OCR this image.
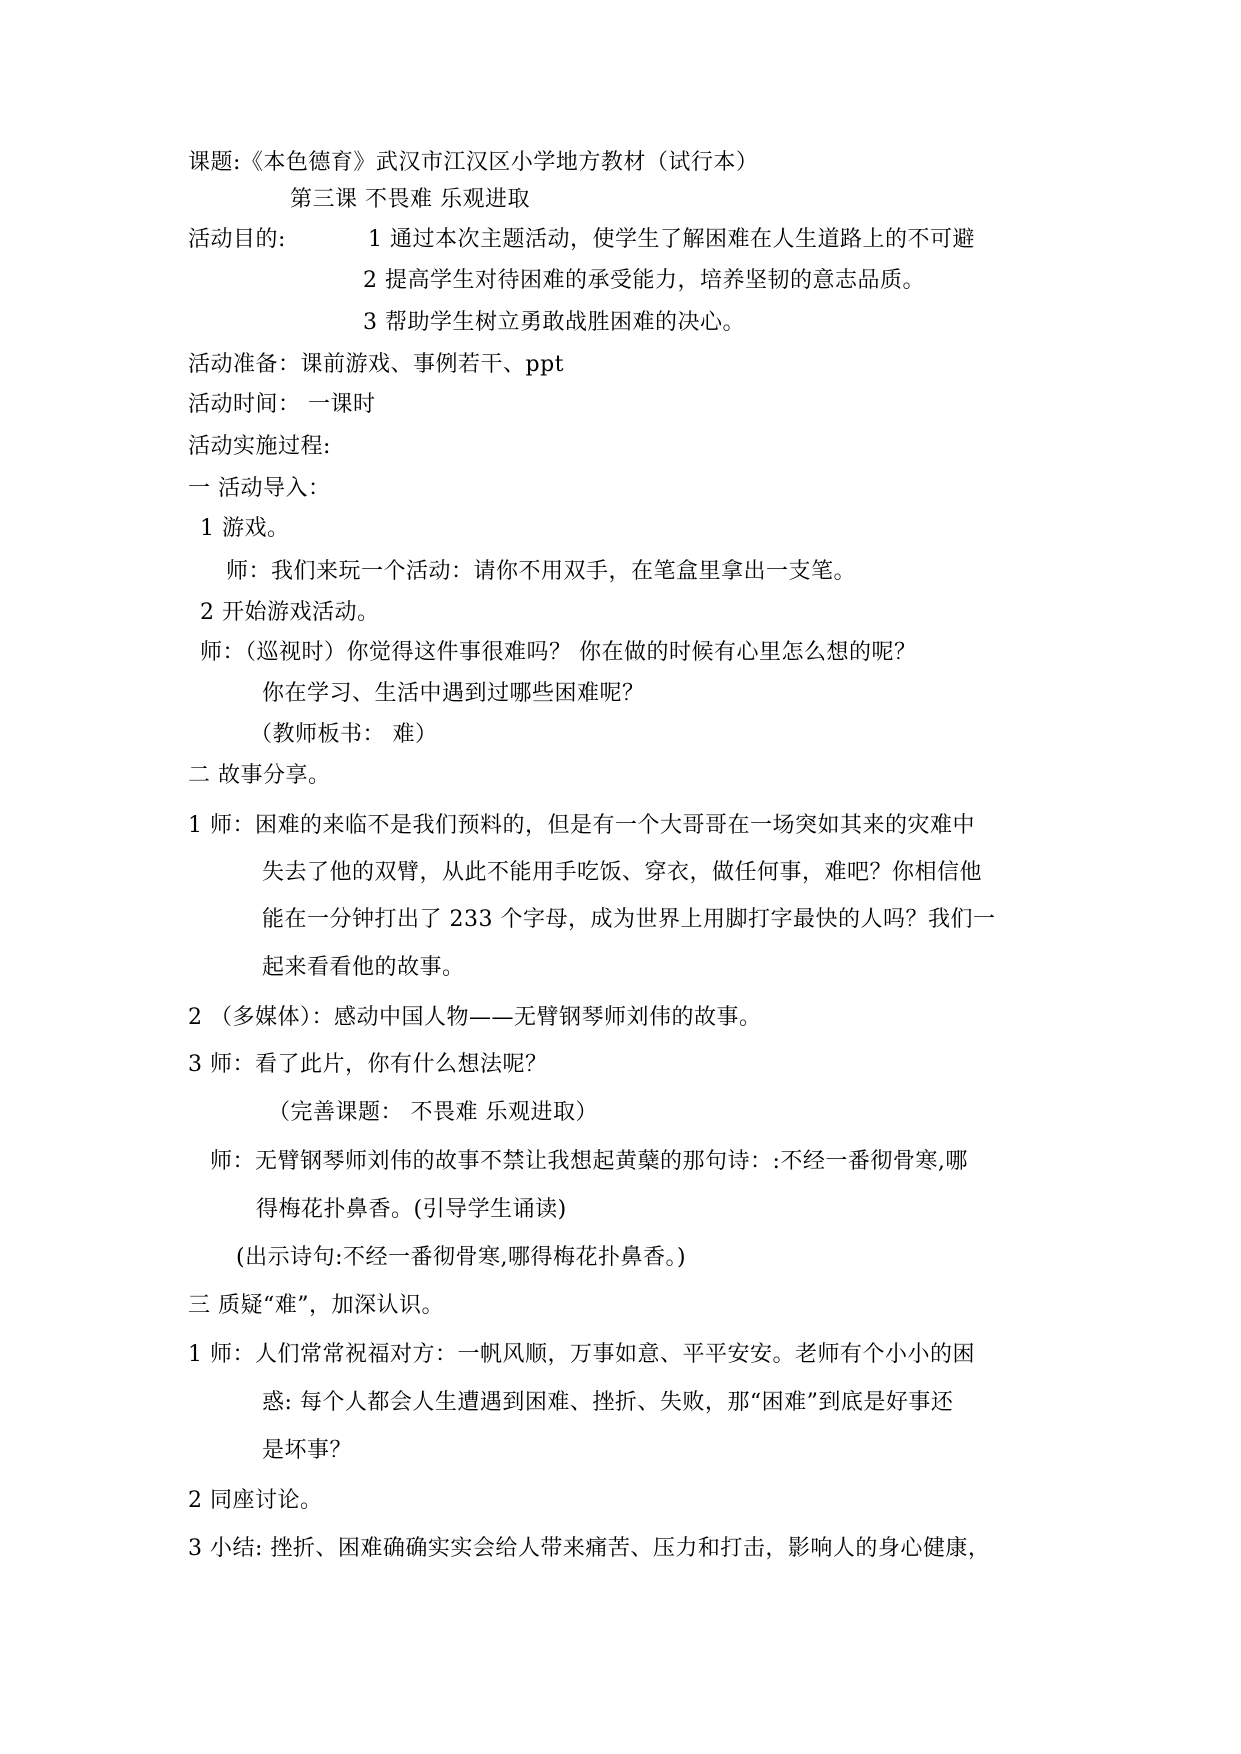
课题:《本色德育》武汉市江汉区小学地方教材（试行本）
第三课 不畏难 乐观进取
活动目的:	1 通过本次主题活动，使学生了解困难在人生道路上的不可避
2 提高学生对待困难的承受能力，培养坚韧的意志品质。
3 帮助学生树立勇敢战胜困难的决心。
活动准备：课前游戏、事例若干、ppt
活动时间： 一课时
活动实施过程:
一 活动导入：
1 游戏。
师：我们来玩一个活动：请你不用双手，在笔盒里拿出一支笔。
2 开始游戏活动。
师：（巡视时）你觉得这件事很难吗？ 你在做的时候有心里怎么想的呢？
你在学习、生活中遇到过哪些困难呢？
（教师板书： 难）
二 故事分享。
1 师：困难的来临不是我们预料的，但是有一个大哥哥在一场突如其来的灾难中
失去了他的双臂，从此不能用手吃饭、穿衣，做任何事，难吧？你相信他
能在一分钟打出了 233 个字母，成为世界上用脚打字最快的人吗？我们一
起来看看他的故事。
2 （多媒体）：感动中国人物——无臂钢琴师刘伟的故事。
3 师：看了此片，你有什么想法呢？
（完善课题： 不畏难 乐观进取）
师：无臂钢琴师刘伟的故事不禁让我想起黄蘖的那句诗：:不经一番彻骨寒,哪
得梅花扑鼻香。(引导学生诵读)
(出示诗句:不经一番彻骨寒,哪得梅花扑鼻香。)
三 质疑“难”，加深认识。
1 师：人们常常祝福对方：一帆风顺，万事如意、平平安安。老师有个小小的困
惑: 每个人都会人生遭遇到困难、挫折、失败，那“困难”到底是好事还
是坏事？
2 同座讨论。
3 小结: 挫折、困难确确实实会给人带来痛苦、压力和打击，影响人的身心健康，
